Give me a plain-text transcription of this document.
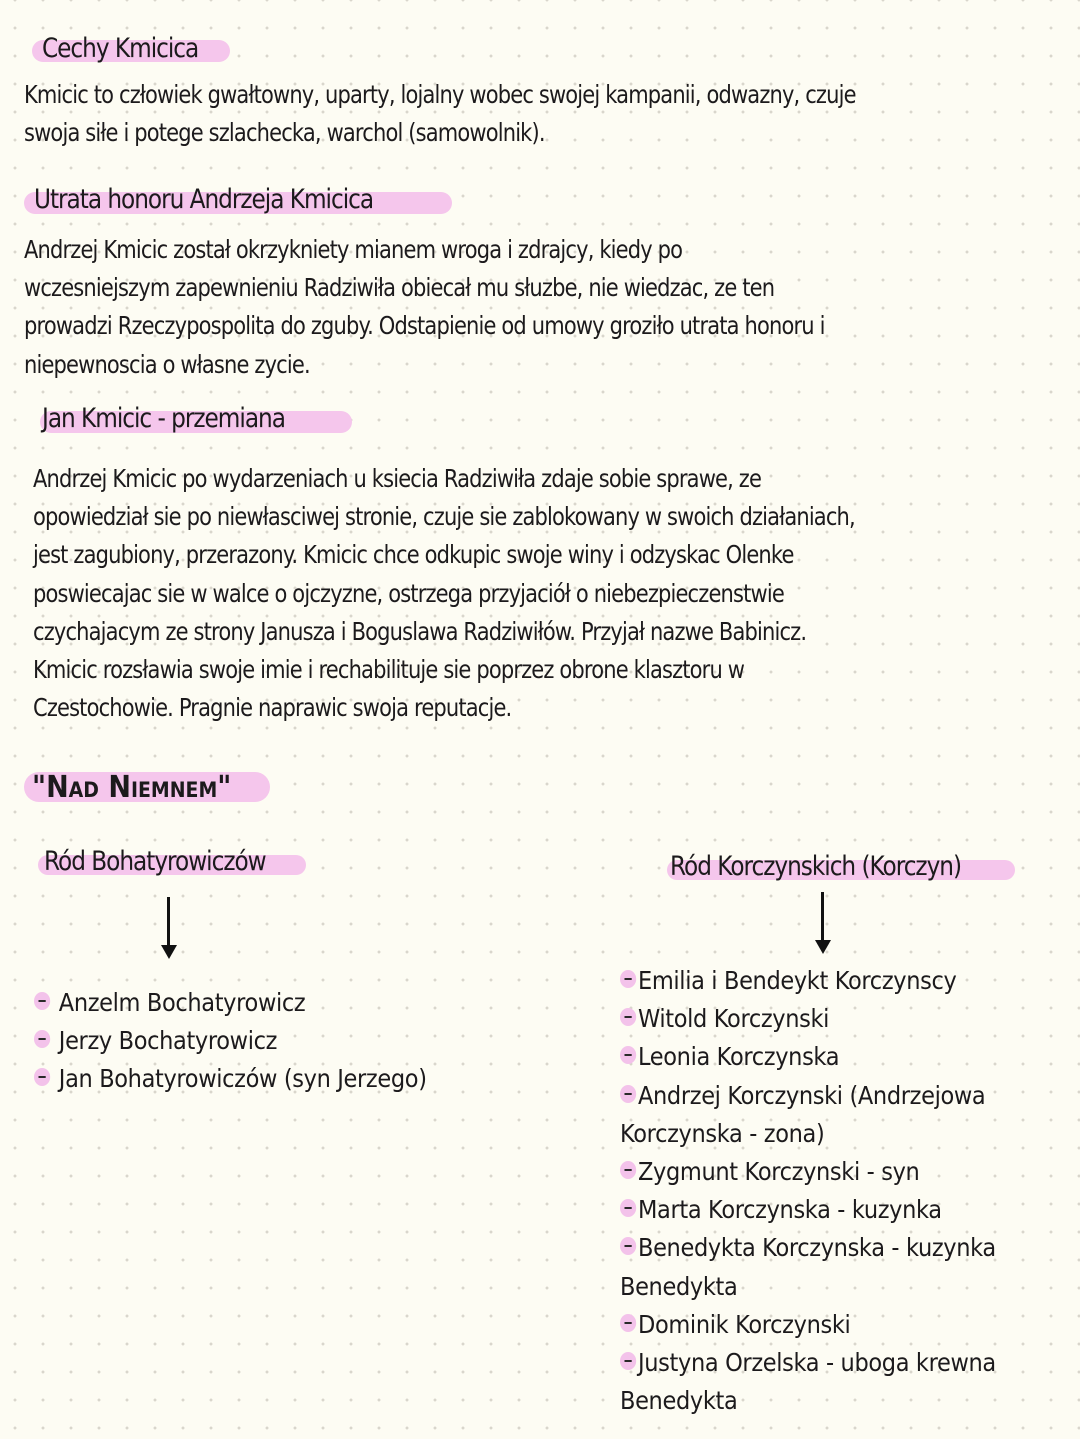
Cechy Kmicica
Kmicic to człowiek gwałtowny, uparty, lojalny wobec swojej kampanii, odwazny, czuje
swoja siłe i potege szlachecka, warchol (samowolnik).
Utrata honoru Andrzeja Kmicica
Andrzej Kmicic został okrzykniety mianem wroga i zdrajcy, kiedy po
wczesniejszym zapewnieniu Radziwiła obiecał mu słuzbe, nie wiedzac, ze ten
prowadzi Rzeczypospolita do zguby. Odstapienie od umowy groziło utrata honoru i
niepewnoscia o własne zycie.
Jan Kmicic - przemiana
Andrzej Kmicic po wydarzeniach u ksiecia Radziwiła zdaje sobie sprawe, ze
opowiedział sie po niewłasciwej stronie, czuje sie zablokowany w swoich działaniach,
jest zagubiony, przerazony. Kmicic chce odkupic swoje winy i odzyskac Olenke
poswiecajac sie w walce o ojczyzne, ostrzega przyjaciół o niebezpieczenstwie
czychajacym ze strony Janusza i Boguslawa Radziwiłów. Przyjał nazwe Babinicz.
Kmicic rozsławia swoje imie i rechabilituje sie poprzez obrone klasztoru w
Czestochowie. Pragnie naprawic swoja reputacje.
"Nad Niemnem"
Ród Bohatyrowiczów
Anzelm Bochatyrowicz
Jerzy Bochatyrowicz
Jan Bohatyrowiczów (syn Jerzego)
Ród Korczynskich (Korczyn)
Emilia i Bendeykt Korczynscy
Witold Korczynski
Leonia Korczynska
Andrzej Korczynski (Andrzejowa
Korczynska - zona)
Zygmunt Korczynski - syn
Marta Korczynska - kuzynka
Benedykta Korczynska - kuzynka
Benedykta
Dominik Korczynski
Justyna Orzelska - uboga krewna
Benedykta
